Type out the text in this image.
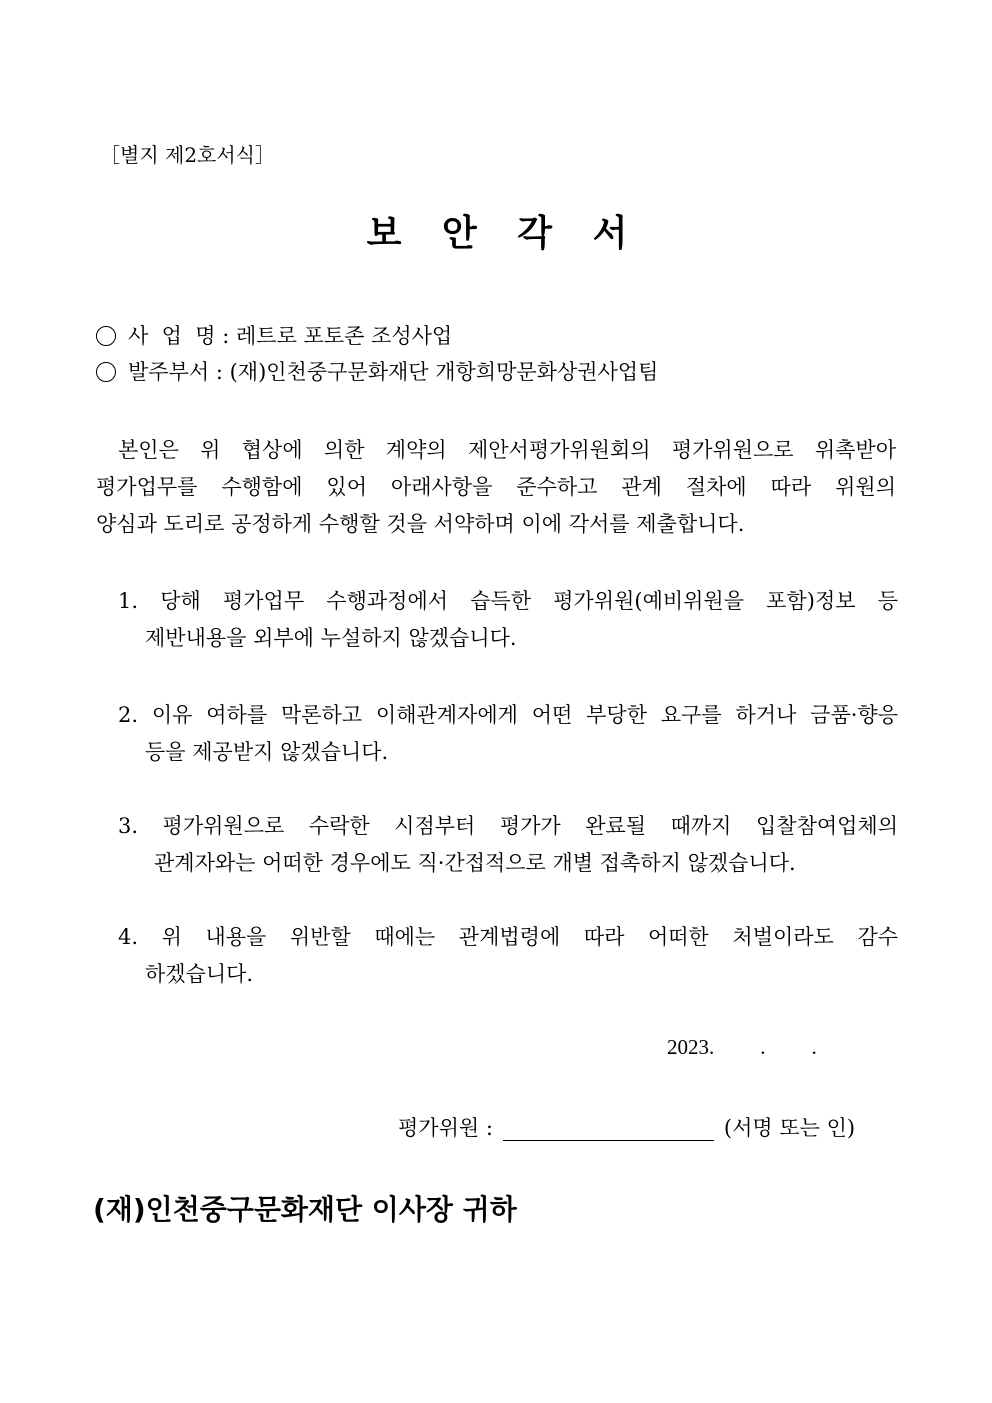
［별지 제2호서식］
보 안 각 서
사  업  명 : 레트로 포토존 조성사업
발주부서 : (재)인천중구문화재단 개항희망문화상권사업팀
본인은 위 협상에 의한 계약의 제안서평가위원회의 평가위원으로 위촉받아
평가업무를 수행함에 있어 아래사항을 준수하고 관계 절차에 따라 위원의
양심과 도리로 공정하게 수행할 것을 서약하며 이에 각서를 제출합니다.
1. 당해 평가업무 수행과정에서 습득한 평가위원(예비위원을 포함)정보 등
제반내용을 외부에 누설하지 않겠습니다.
2. 이유 여하를 막론하고 이해관계자에게 어떤 부당한 요구를 하거나 금품·향응
등을 제공받지 않겠습니다.
3. 평가위원으로 수락한 시점부터 평가가 완료될 때까지 입찰참여업체의
관계자와는 어떠한 경우에도 직·간접적으로 개별 접촉하지 않겠습니다.
4. 위 내용을 위반할 때에는 관계법령에 따라 어떠한 처벌이라도 감수
하겠습니다.
2023. . .
평가위원 :	(서명 또는 인)
(재)인천중구문화재단 이사장 귀하
